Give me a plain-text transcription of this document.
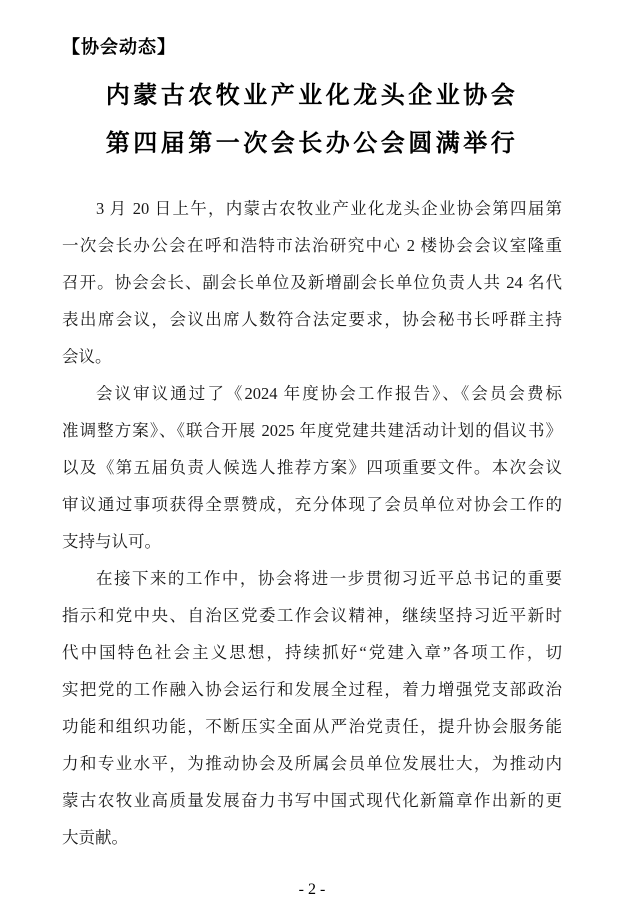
【协会动态】
内蒙古农牧业产业化龙头企业协会
第四届第一次会长办公会圆满举行
3 月 20 日上午，内蒙古农牧业产业化龙头企业协会第四届第
一次会长办公会在呼和浩特市法治研究中心 2 楼协会会议室隆重
召开。协会会长、副会长单位及新增副会长单位负责人共 24 名代
表出席会议，会议出席人数符合法定要求，协会秘书长呼群主持
会议。
会议审议通过了《2024 年度协会工作报告》、《会员会费标
准调整方案》、《联合开展 2025 年度党建共建活动计划的倡议书》
以及《第五届负责人候选人推荐方案》四项重要文件。本次会议
审议通过事项获得全票赞成，充分体现了会员单位对协会工作的
支持与认可。
在接下来的工作中，协会将进一步贯彻习近平总书记的重要
指示和党中央、自治区党委工作会议精神，继续坚持习近平新时
代中国特色社会主义思想，持续抓好“党建入章”各项工作，切
实把党的工作融入协会运行和发展全过程，着力增强党支部政治
功能和组织功能，不断压实全面从严治党责任，提升协会服务能
力和专业水平，为推动协会及所属会员单位发展壮大，为推动内
蒙古农牧业高质量发展奋力书写中国式现代化新篇章作出新的更
大贡献。
- 2 -
